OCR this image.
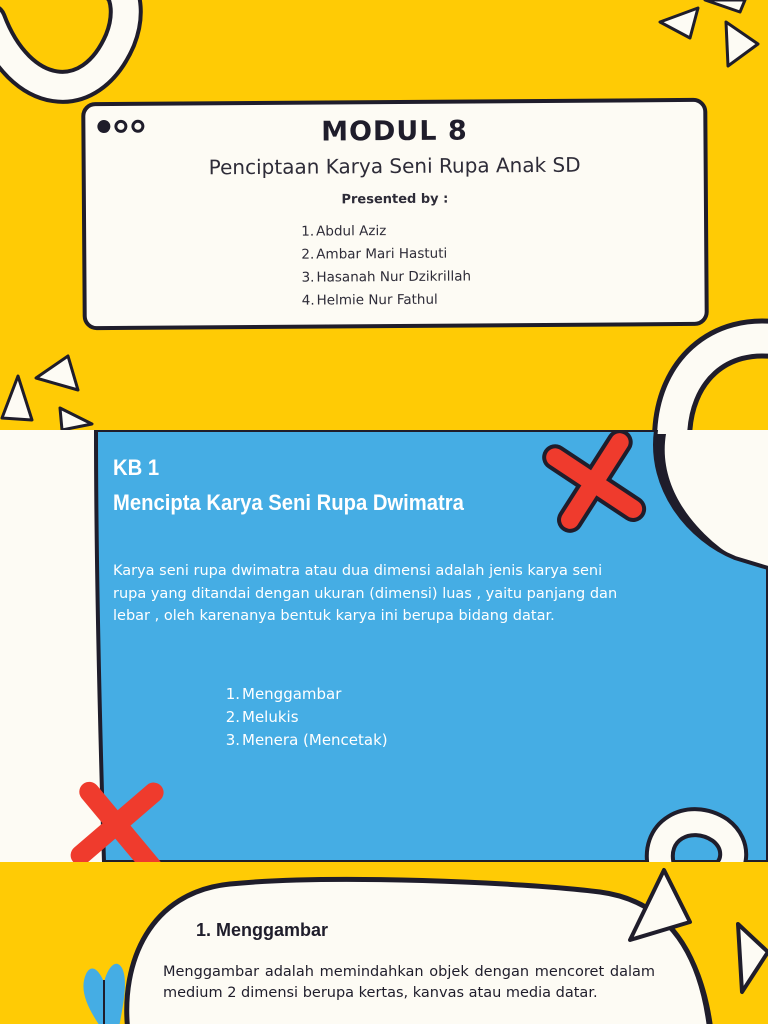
MODUL 8
Penciptaan Karya Seni Rupa Anak SD
Presented by :
1. Abdul Aziz
2. Ambar Mari Hastuti
3. Hasanah Nur Dzikrillah
4. Helmie Nur Fathul
KB 1
Mencipta Karya Seni Rupa Dwimatra

Karya seni rupa dwimatra atau dua dimensi adalah jenis karya seni rupa yang ditandai dengan ukuran (dimensi) luas , yaitu panjang dan lebar , oleh karenanya bentuk karya ini berupa bidang datar.

1. Menggambar
2. Melukis
3. Menera (Mencetak)
1. Menggambar

Menggambar adalah memindahkan objek dengan mencoret dalam medium 2 dimensi berupa kertas, kanvas atau media datar.
